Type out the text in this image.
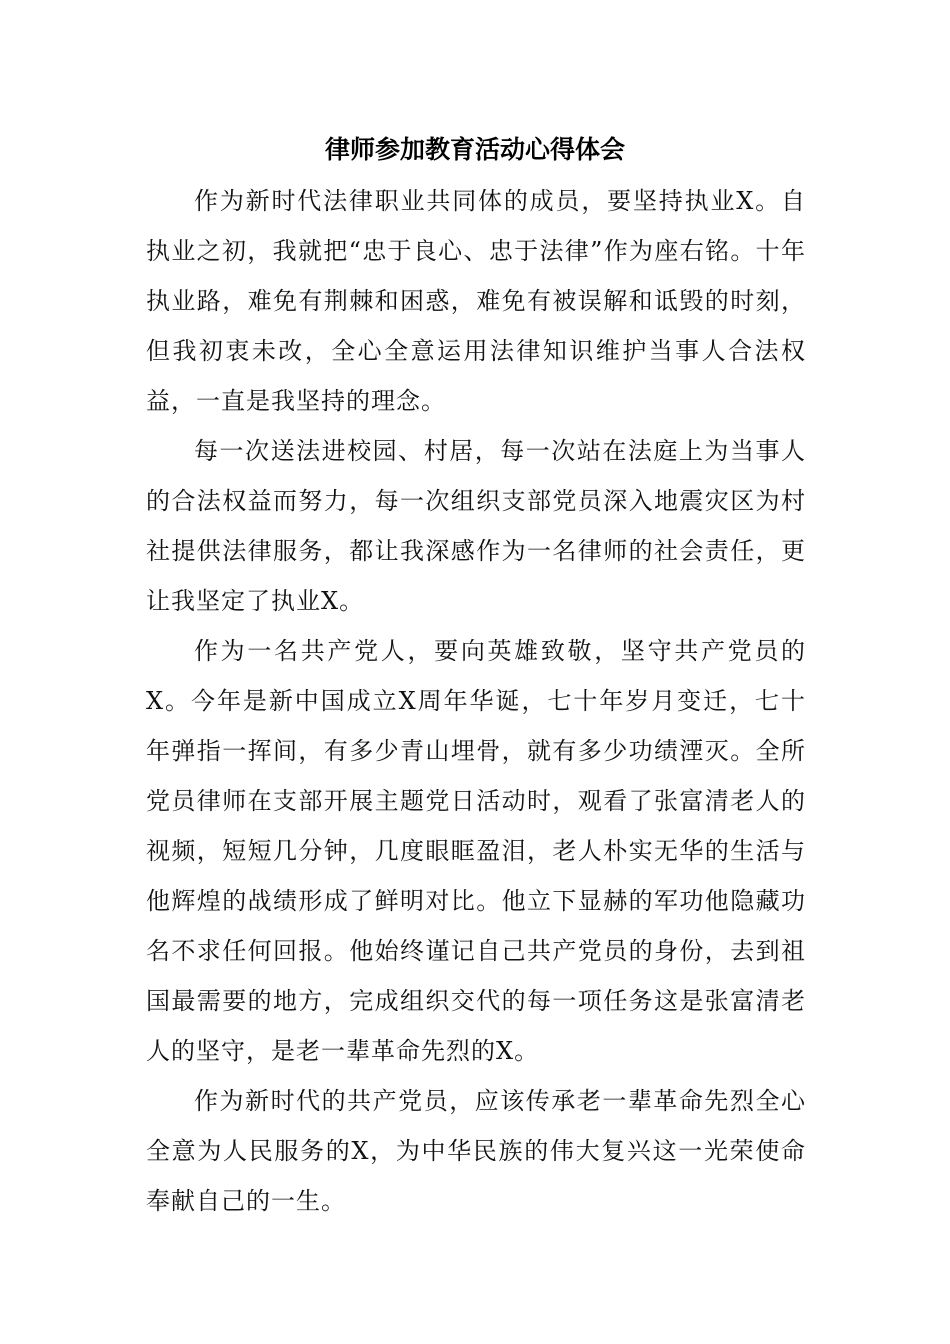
律师参加教育活动心得体会

作为新时代法律职业共同体的成员，要坚持执业X。自执业之初，我就把“忠于良心、忠于法律”作为座右铭。十年执业路，难免有荆棘和困惑，难免有被误解和诋毁的时刻，但我初衷未改，全心全意运用法律知识维护当事人合法权益，一直是我坚持的理念。

每一次送法进校园、村居，每一次站在法庭上为当事人的合法权益而努力，每一次组织支部党员深入地震灾区为村社提供法律服务，都让我深感作为一名律师的社会责任，更让我坚定了执业X。

作为一名共产党人，要向英雄致敬，坚守共产党员的X。今年是新中国成立X周年华诞，七十年岁月变迁，七十年弹指一挥间，有多少青山埋骨，就有多少功绩湮灭。全所党员律师在支部开展主题党日活动时，观看了张富清老人的视频，短短几分钟，几度眼眶盈泪，老人朴实无华的生活与他辉煌的战绩形成了鲜明对比。他立下显赫的军功他隐藏功名不求任何回报。他始终谨记自己共产党员的身份，去到祖国最需要的地方，完成组织交代的每一项任务这是张富清老人的坚守，是老一辈革命先烈的X。

作为新时代的共产党员，应该传承老一辈革命先烈全心全意为人民服务的X，为中华民族的伟大复兴这一光荣使命奉献自己的一生。
